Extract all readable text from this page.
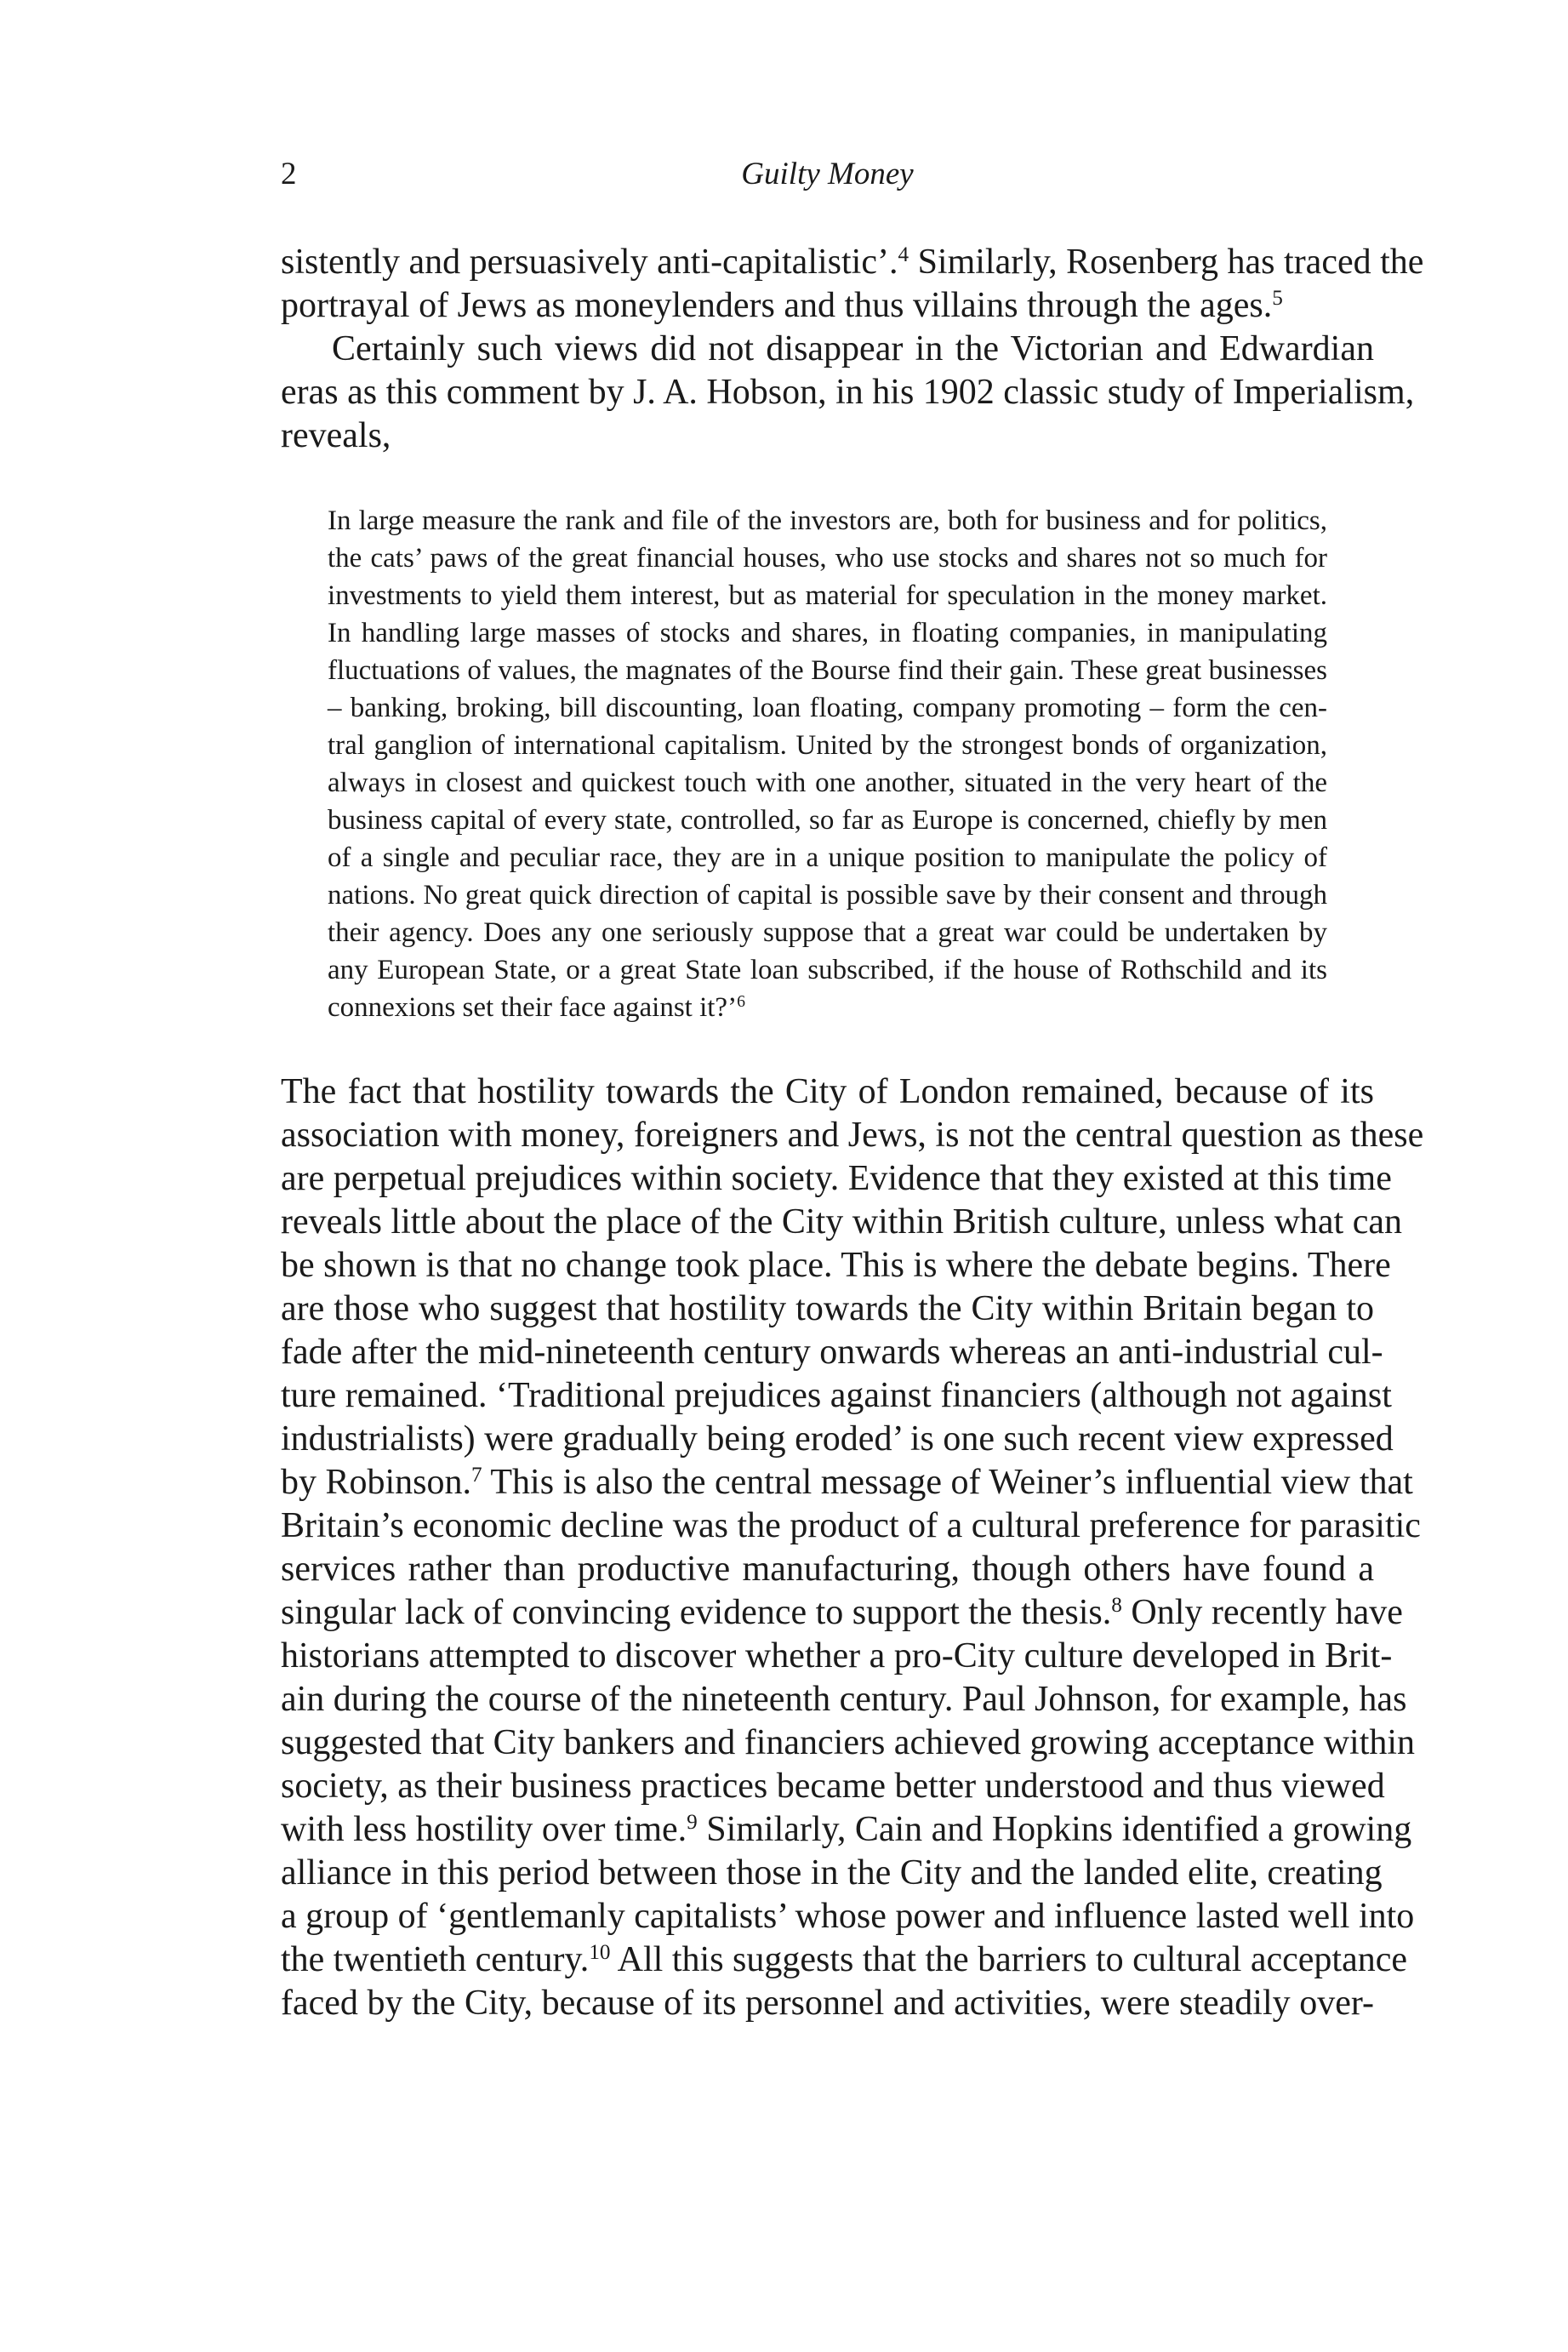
2	Guilty Money
sistently and persuasively anti-capitalistic’.$^4$ Similarly, Rosenberg has traced the
portrayal of Jews as moneylenders and thus villains through the ages.$^5$
Certainly such views did not disappear in the Victorian and Edwardian
eras as this comment by J. A. Hobson, in his 1902 classic study of Imperialism,
reveals,
In large measure the rank and file of the investors are, both for business and for politics,
the cats’ paws of the great financial houses, who use stocks and shares not so much for
investments to yield them interest, but as material for speculation in the money market.
In handling large masses of stocks and shares, in floating companies, in manipulating
fluctuations of values, the magnates of the Bourse find their gain. These great businesses
– banking, broking, bill discounting, loan floating, company promoting – form the cen-
tral ganglion of international capitalism. United by the strongest bonds of organization,
always in closest and quickest touch with one another, situated in the very heart of the
business capital of every state, controlled, so far as Europe is concerned, chiefly by men
of a single and peculiar race, they are in a unique position to manipulate the policy of
nations. No great quick direction of capital is possible save by their consent and through
their agency. Does any one seriously suppose that a great war could be undertaken by
any European State, or a great State loan subscribed, if the house of Rothschild and its
connexions set their face against it?’$^6$
The fact that hostility towards the City of London remained, because of its
association with money, foreigners and Jews, is not the central question as these
are perpetual prejudices within society. Evidence that they existed at this time
reveals little about the place of the City within British culture, unless what can
be shown is that no change took place. This is where the debate begins. There
are those who suggest that hostility towards the City within Britain began to
fade after the mid-nineteenth century onwards whereas an anti-industrial cul-
ture remained. ‘Traditional prejudices against financiers (although not against
industrialists) were gradually being eroded’ is one such recent view expressed
by Robinson.$^7$ This is also the central message of Weiner’s influential view that
Britain’s economic decline was the product of a cultural preference for parasitic
services rather than productive manufacturing, though others have found a
singular lack of convincing evidence to support the thesis.$^8$ Only recently have
historians attempted to discover whether a pro-City culture developed in Brit-
ain during the course of the nineteenth century. Paul Johnson, for example, has
suggested that City bankers and financiers achieved growing acceptance within
society, as their business practices became better understood and thus viewed
with less hostility over time.$^9$ Similarly, Cain and Hopkins identified a growing
alliance in this period between those in the City and the landed elite, creating
a group of ‘gentlemanly capitalists’ whose power and influence lasted well into
the twentieth century.$^{10}$ All this suggests that the barriers to cultural acceptance
faced by the City, because of its personnel and activities, were steadily over-
